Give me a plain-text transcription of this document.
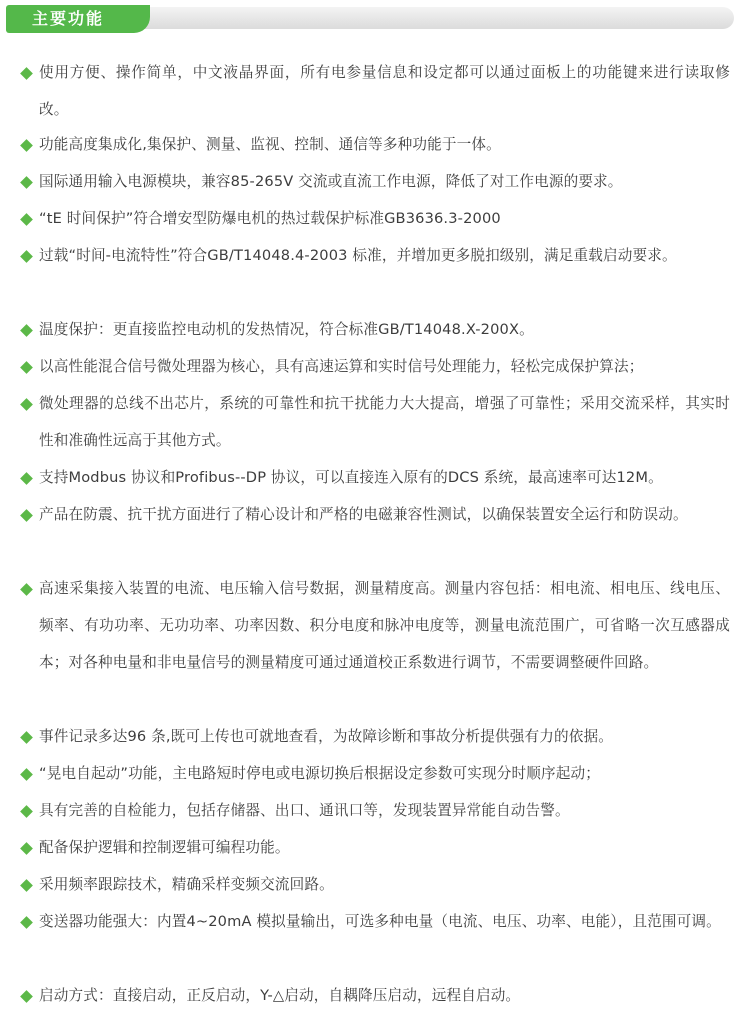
主要功能
使用方便、操作简单，中文液晶界面，所有电参量信息和设定都可以通过面板上的功能键来进行读取修改。
功能高度集成化,集保护、测量、监视、控制、通信等多种功能于一体。
国际通用输入电源模块，兼容85-265V 交流或直流工作电源，降低了对工作电源的要求。
“tE 时间保护”符合增安型防爆电机的热过载保护标准GB3636.3-2000
过载“时间-电流特性”符合GB/T14048.4-2003 标准，并增加更多脱扣级别，满足重载启动要求。
温度保护：更直接监控电动机的发热情况，符合标准GB/T14048.X-200X。
以高性能混合信号微处理器为核心，具有高速运算和实时信号处理能力，轻松完成保护算法；
微处理器的总线不出芯片，系统的可靠性和抗干扰能力大大提高，增强了可靠性；采用交流采样，其实时性和准确性远高于其他方式。
支持Modbus 协议和Profibus--DP 协议，可以直接连入原有的DCS 系统，最高速率可达12M。
产品在防震、抗干扰方面进行了精心设计和严格的电磁兼容性测试，以确保装置安全运行和防误动。
高速采集接入装置的电流、电压输入信号数据，测量精度高。测量内容包括：相电流、相电压、线电压、频率、有功功率、无功功率、功率因数、积分电度和脉冲电度等，测量电流范围广，可省略一次互感器成本；对各种电量和非电量信号的测量精度可通过通道校正系数进行调节，不需要调整硬件回路。
事件记录多达96 条,既可上传也可就地查看，为故障诊断和事故分析提供强有力的依据。
“晃电自起动”功能，主电路短时停电或电源切换后根据设定参数可实现分时顺序起动；
具有完善的自检能力，包括存储器、出口、通讯口等，发现装置异常能自动告警。
配备保护逻辑和控制逻辑可编程功能。
采用频率跟踪技术，精确采样变频交流回路。
变送器功能强大：内置4~20mA 模拟量输出，可选多种电量（电流、电压、功率、电能），且范围可调。
启动方式：直接启动，正反启动，Y-△启动，自耦降压启动，远程自启动。
